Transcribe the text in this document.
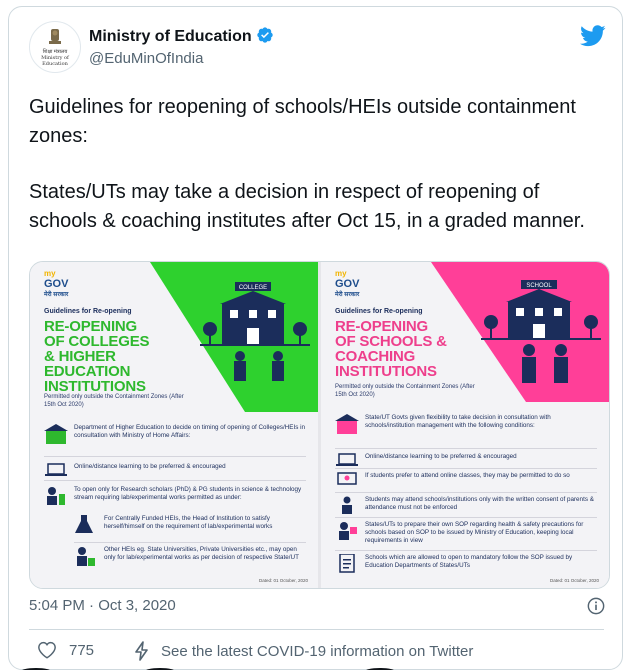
शिक्षा मंत्रालय
Ministry of Education
Ministry of Education
@EduMinOfIndia

Guidelines for reopening of schools/HEIs outside containment zones:

States/UTs may take a decision in respect of reopening of schools & coaching institutes after Oct 15, in a graded manner.

my
GOV
मेरी सरकार
Guidelines for Re-opening
RE-OPENING
OF COLLEGES
& HIGHER
EDUCATION
INSTITUTIONS
COLLEGE
Permitted only outside the Containment Zones (After 15th Oct 2020)
Department of Higher Education to decide on timing of opening of Colleges/HEIs in consultation with Ministry of Home Affairs:
Online/distance learning to be preferred & encouraged
To open only for Research scholars (PhD) & PG students in science & technology stream requiring lab/experimental works permitted as under:
For Centrally Funded HEIs, the Head of Institution to satisfy herself/himself on the requirement of lab/experimental works
Other HEIs eg. State Universities, Private Universities etc., may open only for lab/experimental works as per decision of respective State/UT
Dated: 01 October, 2020
my
GOV
मेरी सरकार
Guidelines for Re-opening
RE-OPENING
OF SCHOOLS &
COACHING
INSTITUTIONS
SCHOOL
Permitted only outside the Containment Zones (After 15th Oct 2020)
State/UT Govts given flexibility to take decision in consultation with schools/institution management with the following conditions:
Online/distance learning to be preferred & encouraged
If students prefer to attend online classes, they may be permitted to do so
Students may attend schools/institutions only with the written consent of parents & attendance must not be enforced
States/UTs to prepare their own SOP regarding health & safety precautions for schools based on SOP to be issued by Ministry of Education, keeping local requirements in view
Schools which are allowed to open to mandatory follow the SOP issued by Education Departments of States/UTs
Dated: 01 October, 2020
5:04 PM · Oct 3, 2020
775	See the latest COVID-19 information on Twitter
